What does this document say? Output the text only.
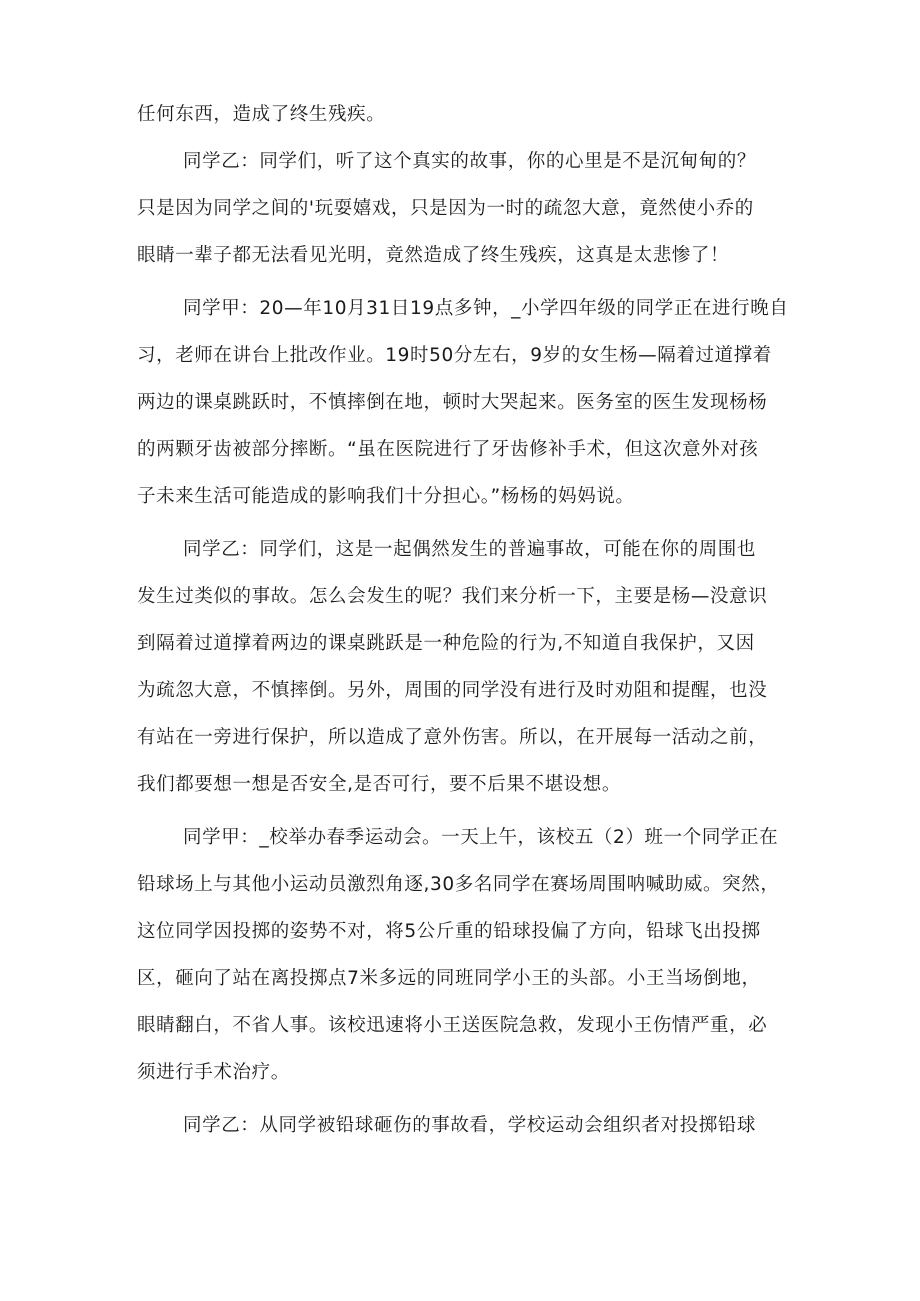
任何东西，造成了终生残疾。
同学乙：同学们，听了这个真实的故事，你的心里是不是沉甸甸的？
只是因为同学之间的'玩耍嬉戏，只是因为一时的疏忽大意，竟然使小乔的
眼睛一辈子都无法看见光明，竟然造成了终生残疾，这真是太悲惨了！
同学甲：20—年10月31日19点多钟，_小学四年级的同学正在进行晚自
习，老师在讲台上批改作业。19时50分左右，9岁的女生杨—隔着过道撑着
两边的课桌跳跃时，不慎摔倒在地，顿时大哭起来。医务室的医生发现杨杨
的两颗牙齿被部分摔断。“虽在医院进行了牙齿修补手术，但这次意外对孩
子未来生活可能造成的影响我们十分担心。”杨杨的妈妈说。
同学乙：同学们，这是一起偶然发生的普遍事故，可能在你的周围也
发生过类似的事故。怎么会发生的呢？我们来分析一下，主要是杨—没意识
到隔着过道撑着两边的课桌跳跃是一种危险的行为,不知道自我保护，又因
为疏忽大意，不慎摔倒。另外，周围的同学没有进行及时劝阻和提醒，也没
有站在一旁进行保护，所以造成了意外伤害。所以，在开展每一活动之前，
我们都要想一想是否安全,是否可行，要不后果不堪设想。
同学甲：_校举办春季运动会。一天上午，该校五（2）班一个同学正在
铅球场上与其他小运动员激烈角逐,30多名同学在赛场周围呐喊助威。突然，
这位同学因投掷的姿势不对，将5公斤重的铅球投偏了方向，铅球飞出投掷
区，砸向了站在离投掷点7米多远的同班同学小王的头部。小王当场倒地，
眼睛翻白，不省人事。该校迅速将小王送医院急救，发现小王伤情严重，必
须进行手术治疗。
同学乙：从同学被铅球砸伤的事故看，学校运动会组织者对投掷铅球
